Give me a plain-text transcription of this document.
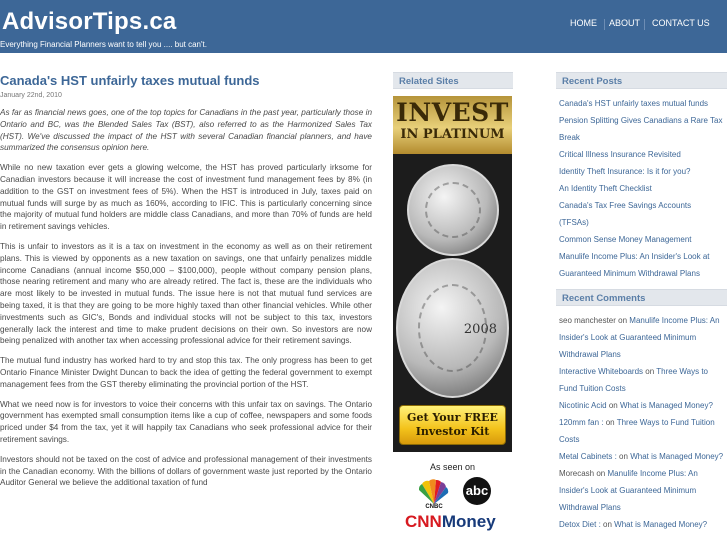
AdvisorTips.ca
Everything Financial Planners want to tell you .... but can't.
HOME ABOUT CONTACT US
Canada's HST unfairly taxes mutual funds
January 22nd, 2010

As far as financial news goes, one of the top topics for Canadians in the past year, particularly those in Ontario and BC, was the Blended Sales Tax (BST), also referred to as the Harmonized Sales Tax (HST). We've discussed the impact of the HST with several Canadian financial planners, and have summarized the consensus opinion here.

While no new taxation ever gets a glowing welcome, the HST has proved particularly irksome for Canadian investors because it will increase the cost of investment fund management fees by 8% (in addition to the GST on investment fees of 5%). When the HST is introduced in July, taxes paid on mutual funds will surge by as much as 160%, according to IFIC. This is particularly concerning since the majority of mutual fund holders are middle class Canadians, and more than 70% of funds are held in retirement savings vehicles.

This is unfair to investors as it is a tax on investment in the economy as well as on their retirement plans. This is viewed by opponents as a new taxation on savings, one that unfairly penalizes middle income Canadians (annual income $50,000 – $100,000), people without company pension plans, those nearing retirement and many who are already retired. The fact is, these are the individuals who are most likely to be invested in mutual funds. The issue here is not that mutual fund services are being taxed, it is that they are going to be more highly taxed than other financial vehicles. While other investments such as GIC's, Bonds and individual stocks will not be subject to this tax, investors generally lack the interest and time to make prudent decisions on their own. So investors are now being penalized with another tax when accessing professional advice for their retirement savings.

The mutual fund industry has worked hard to try and stop this tax. The only progress has been to get Ontario Finance Minister Dwight Duncan to back the idea of getting the federal government to exempt management fees from the GST thereby eliminating the provincial portion of the HST.

What we need now is for investors to voice their concerns with this unfair tax on savings. The Ontario government has exempted small consumption items like a cup of coffee, newspapers and some foods priced under $4 from the tax, yet it will happily tax Canadians who seek professional advice for their retirement savings.

Investors should not be taxed on the cost of advice and professional management of their investments in the Canadian economy. With the billions of dollars of government waste just reported by the Ontario Auditor General we believe the additional taxation of fund

Related Sites
INVEST
IN PLATINUM
2008
Get Your FREE
Investor Kit
As seen on
CNBC
abc
CNNMoney
Recent Posts
Canada's HST unfairly taxes mutual funds
Pension Splitting Gives Canadians a Rare Tax
Break
Critical Illness Insurance Revisited
Identity Theft Insurance: Is it for you?
An Identity Theft Checklist
Canada's Tax Free Savings Accounts
(TFSAs)
Common Sense Money Management
Manulife Income Plus: An Insider's Look at
Guaranteed Minimum Withdrawal Plans
Recent Comments
seo manchester on Manulife Income Plus: An
Insider's Look at Guaranteed Minimum
Withdrawal Plans
Interactive Whiteboards on Three Ways to
Fund Tuition Costs
Nicotinic Acid on What is Managed Money?
120mm fan : on Three Ways to Fund Tuition
Costs
Metal Cabinets : on What is Managed Money?
Morecash on Manulife Income Plus: An
Insider's Look at Guaranteed Minimum
Withdrawal Plans
Detox Diet : on What is Managed Money?
